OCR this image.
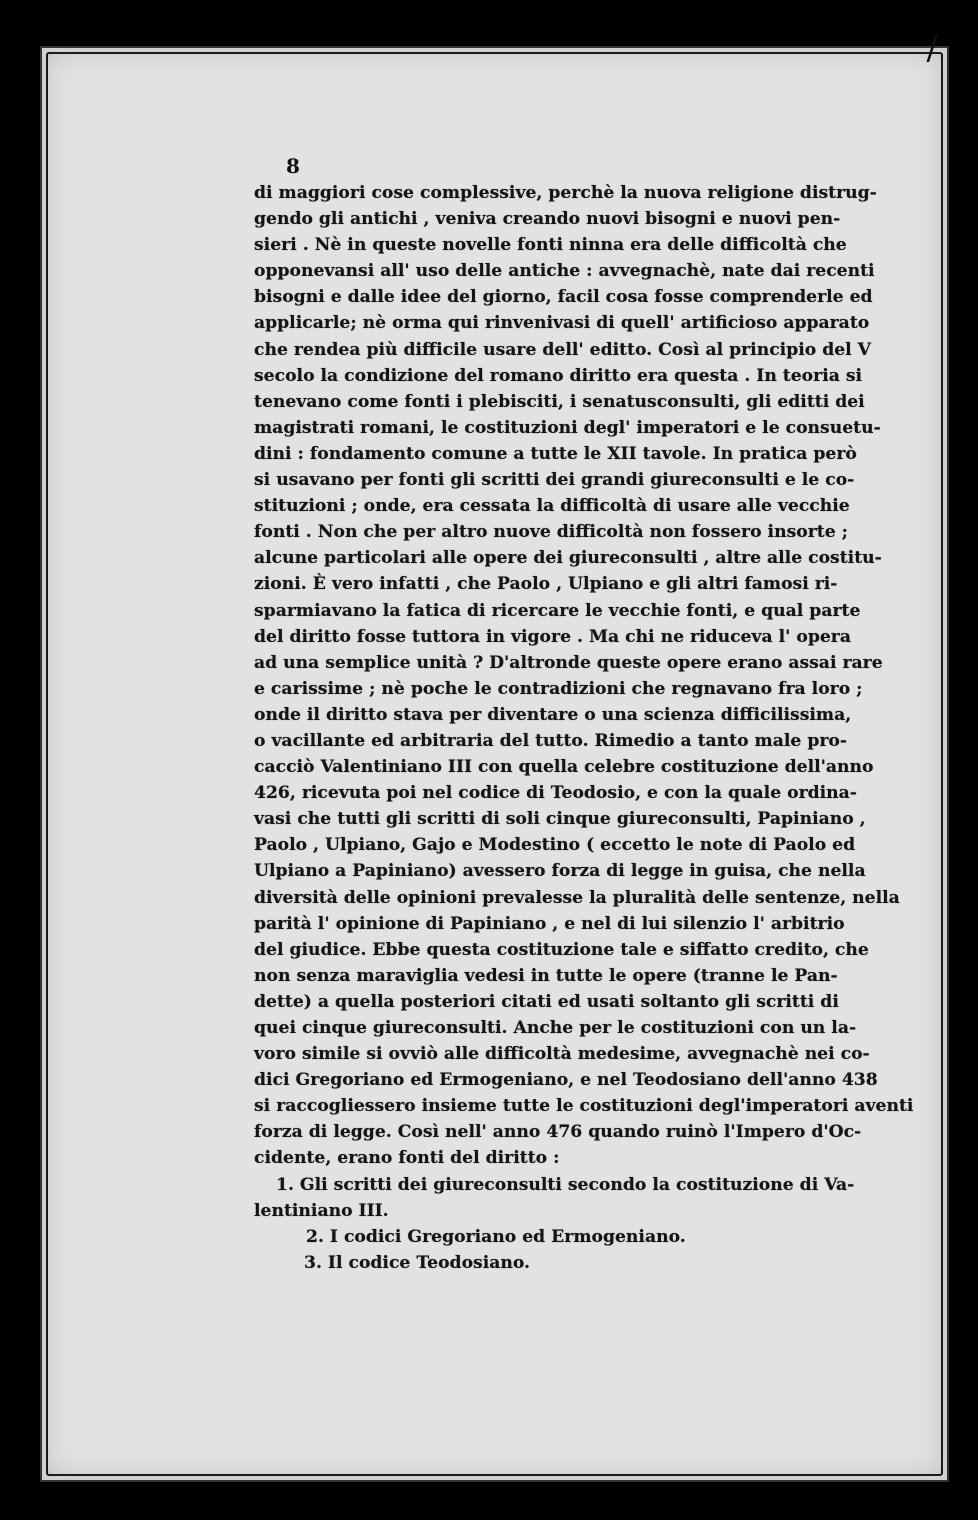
/
8
di maggiori cose complessive, perchè la nuova religione distrug-
gendo gli antichi , veniva creando nuovi bisogni e nuovi pen-
sieri . Nè in queste novelle fonti ninna era delle difficoltà che
opponevansi all' uso delle antiche : avvegnachè, nate dai recenti
bisogni e dalle idee del giorno, facil cosa fosse comprenderle ed
applicarle; nè orma qui rinvenivasi di quell' artificioso apparato
che rendea più difficile usare dell' editto. Così al principio del V
secolo la condizione del romano diritto era questa . In teoria si
tenevano come fonti i plebisciti, i senatusconsulti, gli editti dei
magistrati romani, le costituzioni degl' imperatori e le consuetu-
dini : fondamento comune a tutte le XII tavole. In pratica però
si usavano per fonti gli scritti dei grandi giureconsulti e le co-
stituzioni ; onde, era cessata la difficoltà di usare alle vecchie
fonti . Non che per altro nuove difficoltà non fossero insorte ;
alcune particolari alle opere dei giureconsulti , altre alle costitu-
zioni. È vero infatti , che Paolo , Ulpiano e gli altri famosi ri-
sparmiavano la fatica di ricercare le vecchie fonti, e qual parte
del diritto fosse tuttora in vigore . Ma chi ne riduceva l' opera
ad una semplice unità ? D'altronde queste opere erano assai rare
e carissime ; nè poche le contradizioni che regnavano fra loro ;
onde il diritto stava per diventare o una scienza difficilissima,
o vacillante ed arbitraria del tutto. Rimedio a tanto male pro-
cacciò Valentiniano III con quella celebre costituzione dell'anno
426, ricevuta poi nel codice di Teodosio, e con la quale ordina-
vasi che tutti gli scritti di soli cinque giureconsulti, Papiniano ,
Paolo , Ulpiano, Gajo e Modestino ( eccetto le note di Paolo ed
Ulpiano a Papiniano) avessero forza di legge in guisa, che nella
diversità delle opinioni prevalesse la pluralità delle sentenze, nella
parità l' opinione di Papiniano , e nel di lui silenzio l' arbitrio
del giudice. Ebbe questa costituzione tale e siffatto credito, che
non senza maraviglia vedesi in tutte le opere (tranne le Pan-
dette) a quella posteriori citati ed usati soltanto gli scritti di
quei cinque giureconsulti. Anche per le costituzioni con un la-
voro simile si ovviò alle difficoltà medesime, avvegnachè nei co-
dici Gregoriano ed Ermogeniano, e nel Teodosiano dell'anno 438
si raccogliessero insieme tutte le costituzioni degl'imperatori aventi
forza di legge. Così nell' anno 476 quando ruinò l'Impero d'Oc-
cidente, erano fonti del diritto :
1. Gli scritti dei giureconsulti secondo la costituzione di Va-
lentiniano III.
2. I codici Gregoriano ed Ermogeniano.
3. Il codice Teodosiano.
